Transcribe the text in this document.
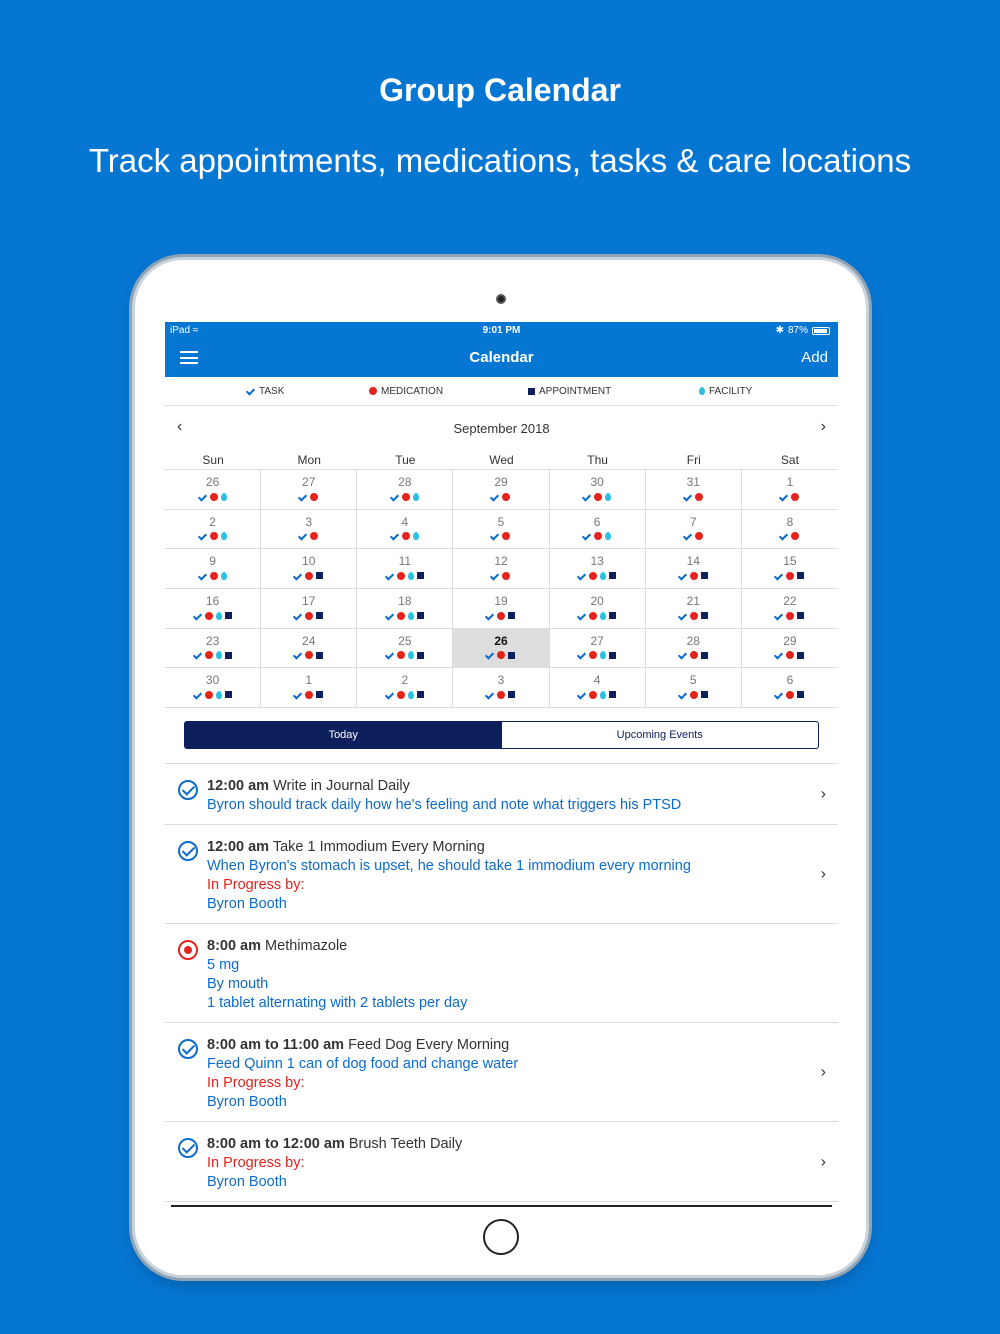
Group Calendar
Track appointments, medications, tasks & care locations
iPad ≈	9:01 PM	✱ 87%
Calendar	Add
TASK	MEDICATION	APPOINTMENT	FACILITY
‹	September 2018	›
Sun	Mon	Tue	Wed	Thu	Fri	Sat
26	27	28	29	30	31	1
2	3	4	5	6	7	8
9	10	11	12	13	14	15
16	17	18	19	20	21	22
23	24	25	26	27	28	29
30	1	2	3	4	5	6
Today	Upcoming Events
12:00 am Write in Journal Daily
Byron should track daily how he's feeling and note what triggers his PTSD
›
12:00 am Take 1 Immodium Every Morning
When Byron's stomach is upset, he should take 1 immodium every morning
In Progress by:
Byron Booth
›
8:00 am Methimazole
5 mg
By mouth
1 tablet alternating with 2 tablets per day
8:00 am to 11:00 am Feed Dog Every Morning
Feed Quinn 1 can of dog food and change water
In Progress by:
Byron Booth
›
8:00 am to 12:00 am Brush Teeth Daily
In Progress by:
Byron Booth
›
